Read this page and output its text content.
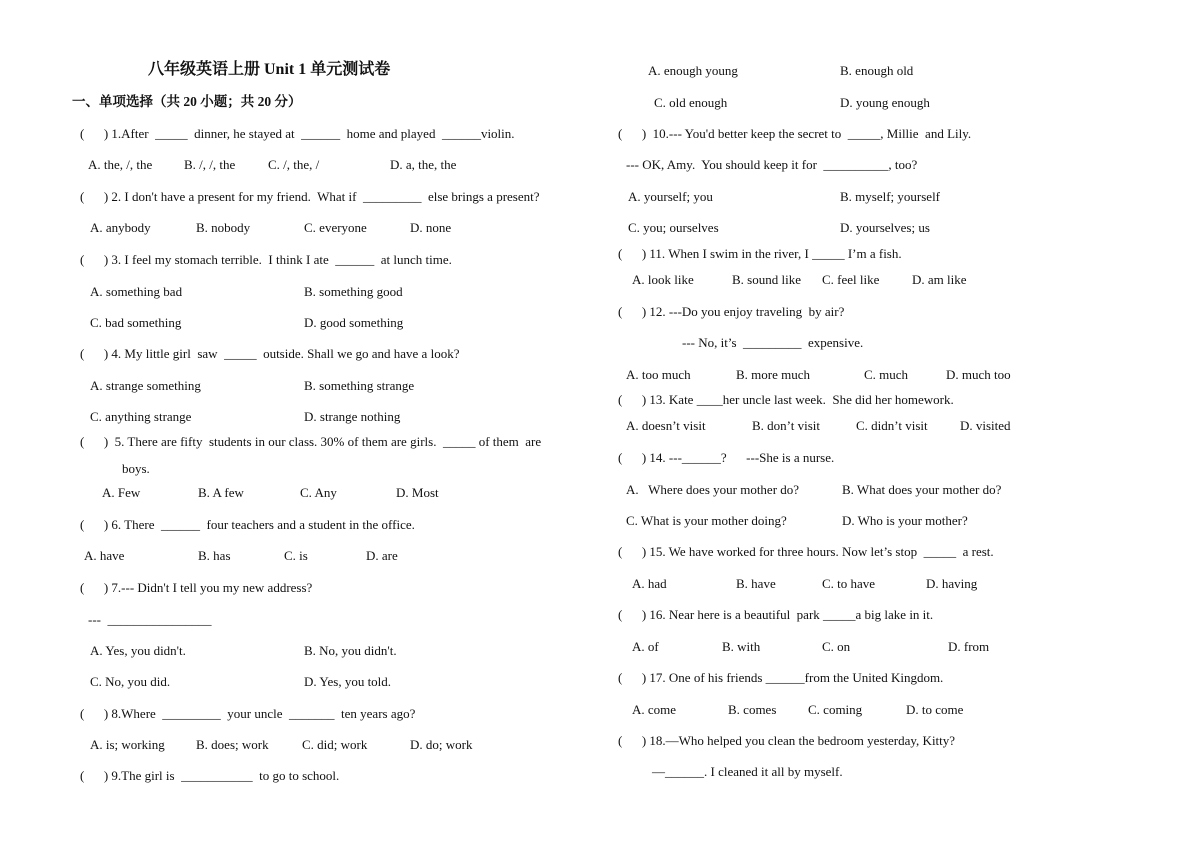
八年级英语上册 Unit 1 单元测试卷
一、单项选择（共 20 小题；共 20 分）
(      ) 1.After  _____  dinner, he stayed at  ______  home and played  ______violin.
A. the, /, the B. /, /, the	C. /, the, /	D. a, the, the
(      ) 2. I don't have a present for my friend.  What if  _________  else brings a present?
A. anybody	B. nobody	C. everyone	D. none
(      ) 3. I feel my stomach terrible.  I think I ate  ______  at lunch time.
A. something bad	B. something good
C. bad something	D. good something
(      ) 4. My little girl  saw  _____  outside. Shall we go and have a look?
A. strange something	B. something strange
C. anything strange	D. strange nothing
(      )  5. There are fifty  students in our class. 30% of them are girls.  _____ of them  are
boys.
A. Few	B. A few	C. Any	D. Most
(      ) 6. There  ______  four teachers and a student in the office.
A. have	B. has	C. is	D. are
(      ) 7.--- Didn't I tell you my new address?
---  ________________
A. Yes, you didn't.	B. No, you didn't.
C. No, you did.	D. Yes, you told.
(      ) 8.Where  _________  your uncle  _______  ten years ago?
A. is; working B. does; work	C. did; work	D. do; work
(      ) 9.The girl is  ___________  to go to school.
A. enough young	B. enough old
C. old enough	D. young enough
(      )  10.--- You'd better keep the secret to  _____, Millie  and Lily.
--- OK, Amy.  You should keep it for  __________, too?
A. yourself; you	B. myself; yourself
C. you; ourselves	D. yourselves; us
(      ) 11. When I swim in the river, I _____ I’m a fish.
A. look like	B. sound like C. feel like	D. am like
(      ) 12. ---Do you enjoy traveling  by air?
--- No, it’s  _________  expensive.
A. too much	B. more much	C. much	D. much too
(      ) 13. Kate ____her uncle last week.  She did her homework.
A. doesn’t visit	B. don’t visit	C. didn’t visit D. visited
(      ) 14. ---______?      ---She is a nurse.
A.   Where does your mother do?	B. What does your mother do?
C. What is your mother doing?	D. Who is your mother?
(      ) 15. We have worked for three hours. Now let’s stop  _____  a rest.
A. had	B. have	C. to have	D. having
(      ) 16. Near here is a beautiful  park _____a big lake in it.
A. of	B. with	C. on	D. from
(      ) 17. One of his friends ______from the United Kingdom.
A. come	B. comes C. coming	D. to come
(      ) 18.—Who helped you clean the bedroom yesterday, Kitty?
—______. I cleaned it all by myself.
